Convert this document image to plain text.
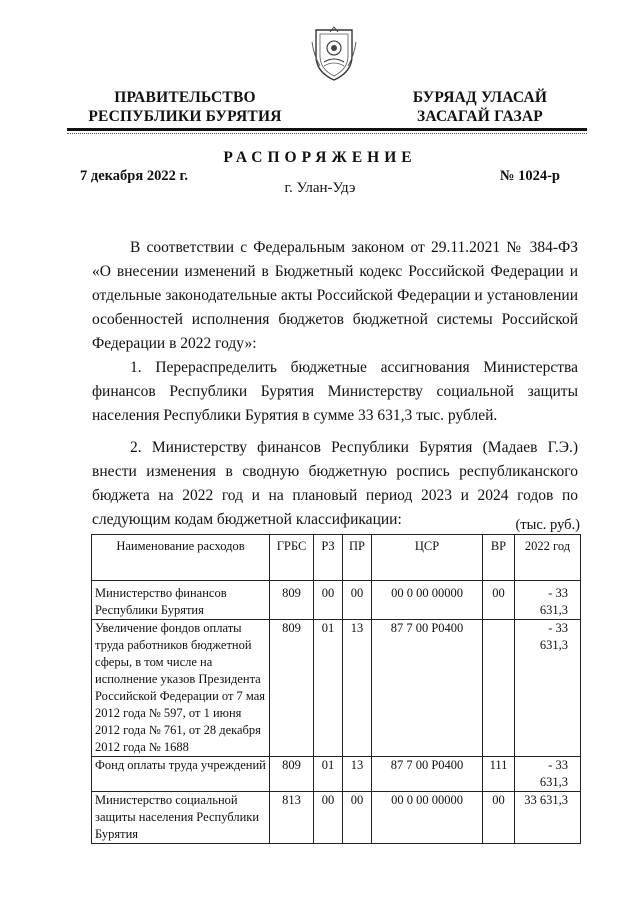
ПРАВИТЕЛЬСТВО
РЕСПУБЛИКИ БУРЯТИЯ
БУРЯАД УЛАСАЙ
ЗАСАГАЙ ГАЗАР
РАСПОРЯЖЕНИЕ
7 декабря 2022 г.	№ 1024-р
г. Улан-Удэ
В соответствии с Федеральным законом от 29.11.2021 № 384-ФЗ «О внесении изменений в Бюджетный кодекс Российской Федерации и отдельные законодательные акты Российской Федерации и установлении особенностей исполнения бюджетов бюджетной системы Российской Федерации в 2022 году»:
1. Перераспределить бюджетные ассигнования Министерства финансов Республики Бурятия Министерству социальной защиты населения Республики Бурятия в сумме 33 631,3 тыс. рублей.
2. Министерству финансов Республики Бурятия (Мадаев Г.Э.) внести изменения в сводную бюджетную роспись республиканского бюджета на 2022 год и на плановый период 2023 и 2024 годов по следующим кодам бюджетной классификации:	(тыс. руб.)
Наименование расходов	ГРБС	РЗ	ПР	ЦСР	ВР	2022 год
Министерство финансов Республики Бурятия	809	00	00	00 0 00 00000	00	- 33 631,3
Увеличение фондов оплаты труда работников бюджетной сферы, в том числе на исполнение указов Президента Российской Федерации от 7 мая 2012 года № 597, от 1 июня 2012 года № 761, от 28 декабря 2012 года № 1688	809	01	13	87 7 00 Р0400		- 33 631,3
Фонд оплаты труда учреждений	809	01	13	87 7 00 Р0400	111	- 33 631,3
Министерство социальной защиты населения Республики Бурятия	813	00	00	00 0 00 00000	00	33 631,3
